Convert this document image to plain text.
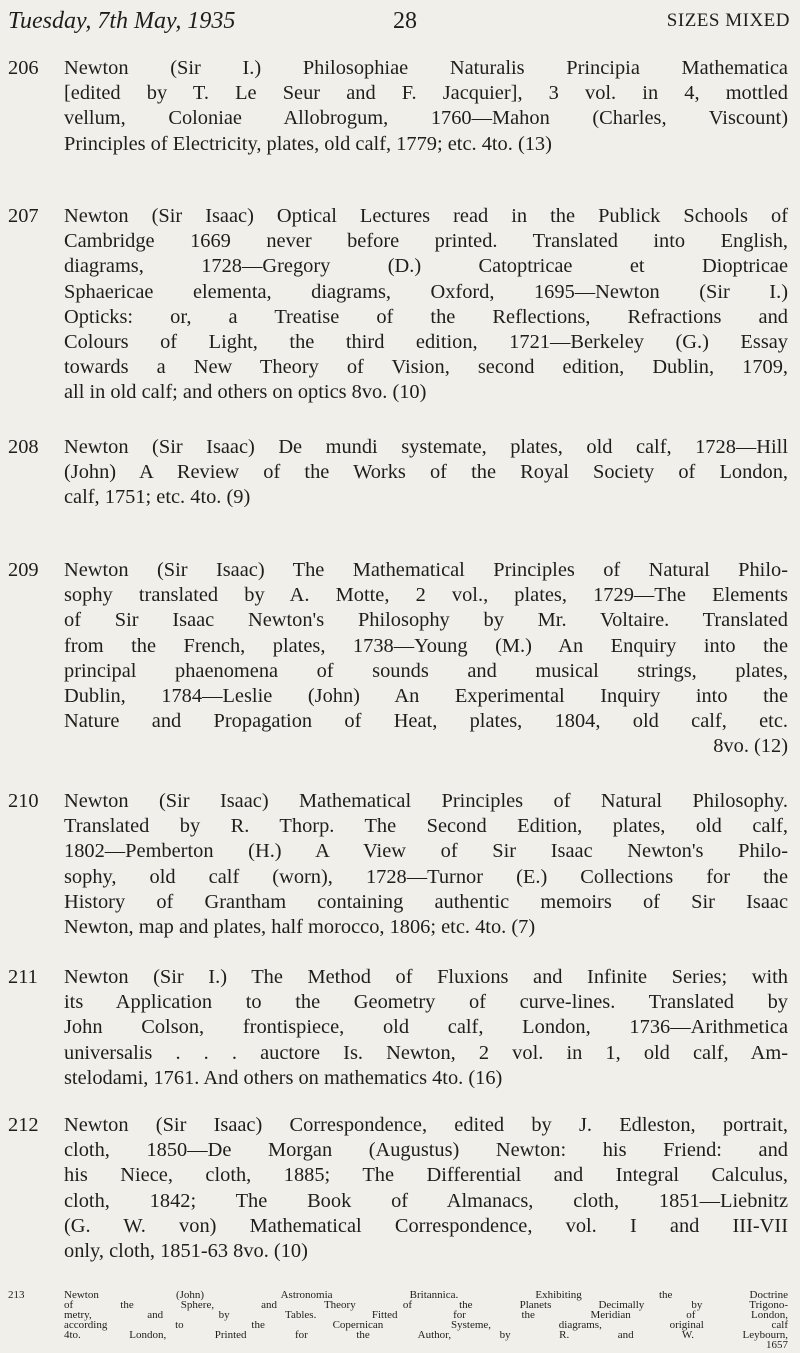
Tuesday, 7th May, 1935	28	SIZES MIXED
206	Newton (Sir I.) Philosophiae Naturalis Principia Mathematica
[edited by T. Le Seur and F. Jacquier], 3 vol. in 4, mottled
vellum, Coloniae Allobrogum, 1760—Mahon (Charles, Viscount)
Principles of Electricity, plates, old calf, 1779; etc. 4to. (13)
207	Newton (Sir Isaac) Optical Lectures read in the Publick Schools of
Cambridge 1669 never before printed. Translated into English,
diagrams, 1728—Gregory (D.) Catoptricae et Dioptricae
Sphaericae elementa, diagrams, Oxford, 1695—Newton (Sir I.)
Opticks: or, a Treatise of the Reflections, Refractions and
Colours of Light, the third edition, 1721—Berkeley (G.) Essay
towards a New Theory of Vision, second edition, Dublin, 1709,
all in old calf; and others on optics 8vo. (10)
208	Newton (Sir Isaac) De mundi systemate, plates, old calf, 1728—Hill
(John) A Review of the Works of the Royal Society of London,
calf, 1751; etc. 4to. (9)
209	Newton (Sir Isaac) The Mathematical Principles of Natural Philo-
sophy translated by A. Motte, 2 vol., plates, 1729—The Elements
of Sir Isaac Newton's Philosophy by Mr. Voltaire. Translated
from the French, plates, 1738—Young (M.) An Enquiry into the
principal phaenomena of sounds and musical strings, plates,
Dublin, 1784—Leslie (John) An Experimental Inquiry into the
Nature and Propagation of Heat, plates, 1804, old calf, etc.
8vo. (12)
210	Newton (Sir Isaac) Mathematical Principles of Natural Philosophy.
Translated by R. Thorp. The Second Edition, plates, old calf,
1802—Pemberton (H.) A View of Sir Isaac Newton's Philo-
sophy, old calf (worn), 1728—Turnor (E.) Collections for the
History of Grantham containing authentic memoirs of Sir Isaac
Newton, map and plates, half morocco, 1806; etc. 4to. (7)
211	Newton (Sir I.) The Method of Fluxions and Infinite Series; with
its Application to the Geometry of curve-lines. Translated by
John Colson, frontispiece, old calf, London, 1736—Arithmetica
universalis . . . auctore Is. Newton, 2 vol. in 1, old calf, Am-
stelodami, 1761. And others on mathematics 4to. (16)
212	Newton (Sir Isaac) Correspondence, edited by J. Edleston, portrait,
cloth, 1850—De Morgan (Augustus) Newton: his Friend: and
his Niece, cloth, 1885; The Differential and Integral Calculus,
cloth, 1842; The Book of Almanacs, cloth, 1851—Liebnitz
(G. W. von) Mathematical Correspondence, vol. I and III-VII
only, cloth, 1851-63 8vo. (10)
213	Newton (John) Astronomia Britannica. Exhibiting the Doctrine
of the Sphere, and Theory of the Planets Decimally by Trigono-
metry, and by Tables. Fitted for the Meridian of London,
according to the Copernican Systeme, diagrams, original calf
4to. London, Printed for the Author, by R. and W. Leybourn,
1657
